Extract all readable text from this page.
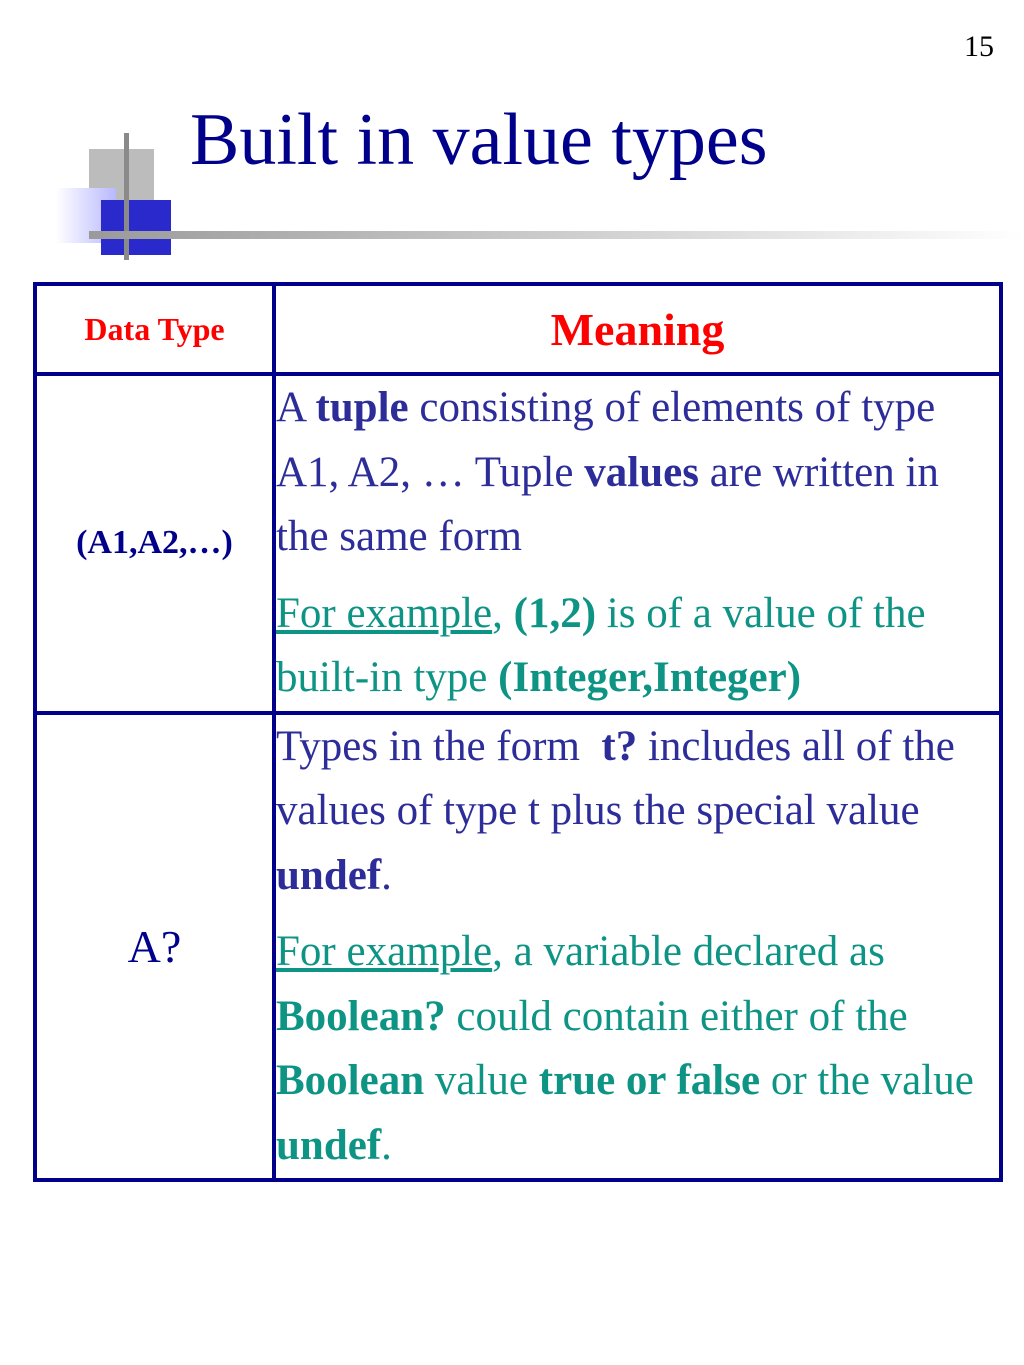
15
Built in value types
Data Type	Meaning
(A1,A2,…)	A tuple consisting of elements of type A1, A2, … Tuple values are written in the same form

For example, (1,2) is of a value of the built-in type (Integer,Integer)

A?	Types in the form  t? includes all of the values of type t plus the special value undef.

For example, a variable declared as Boolean? could contain either of the Boolean value true or false or the value undef.
